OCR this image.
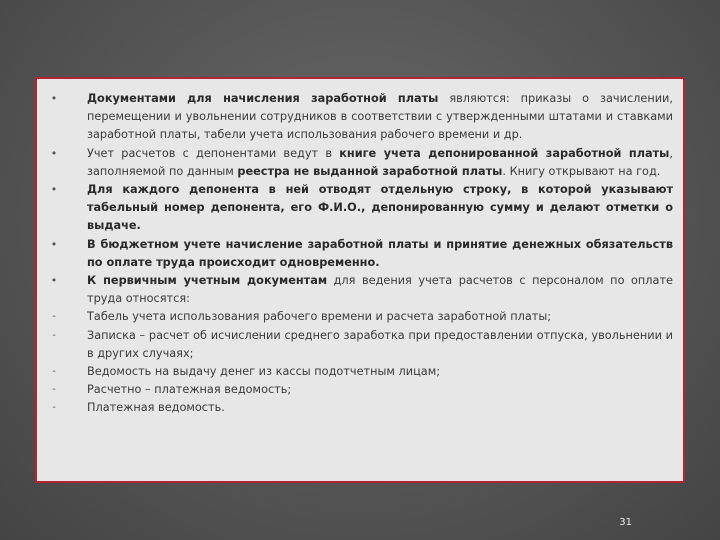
•	Документами для начисления заработной платы являются: приказы о зачислении, перемещении и увольнении сотрудников в соответствии с утвержденными штатами и ставками заработной платы, табели учета использования рабочего времени и др.
•	Учет расчетов с депонентами ведут в книге учета депонированной заработной платы, заполняемой по данным реестра не выданной заработной платы. Книгу открывают на год.
•	Для каждого депонента в ней отводят отдельную строку, в которой указывают табельный номер депонента, его Ф.И.О., депонированную сумму и делают отметки о выдаче.
•	В бюджетном учете начисление заработной платы и принятие денежных обязательств по оплате труда происходит одновременно.
•	К первичным учетным документам для ведения учета расчетов с персоналом по оплате труда относятся:
-	Табель учета использования рабочего времени и расчета заработной платы;
-	Записка – расчет об исчислении среднего заработка при предоставлении отпуска, увольнении и в других случаях;
-	Ведомость на выдачу денег из кассы подотчетным лицам;
-	Расчетно – платежная ведомость;
-	Платежная ведомость.
31
